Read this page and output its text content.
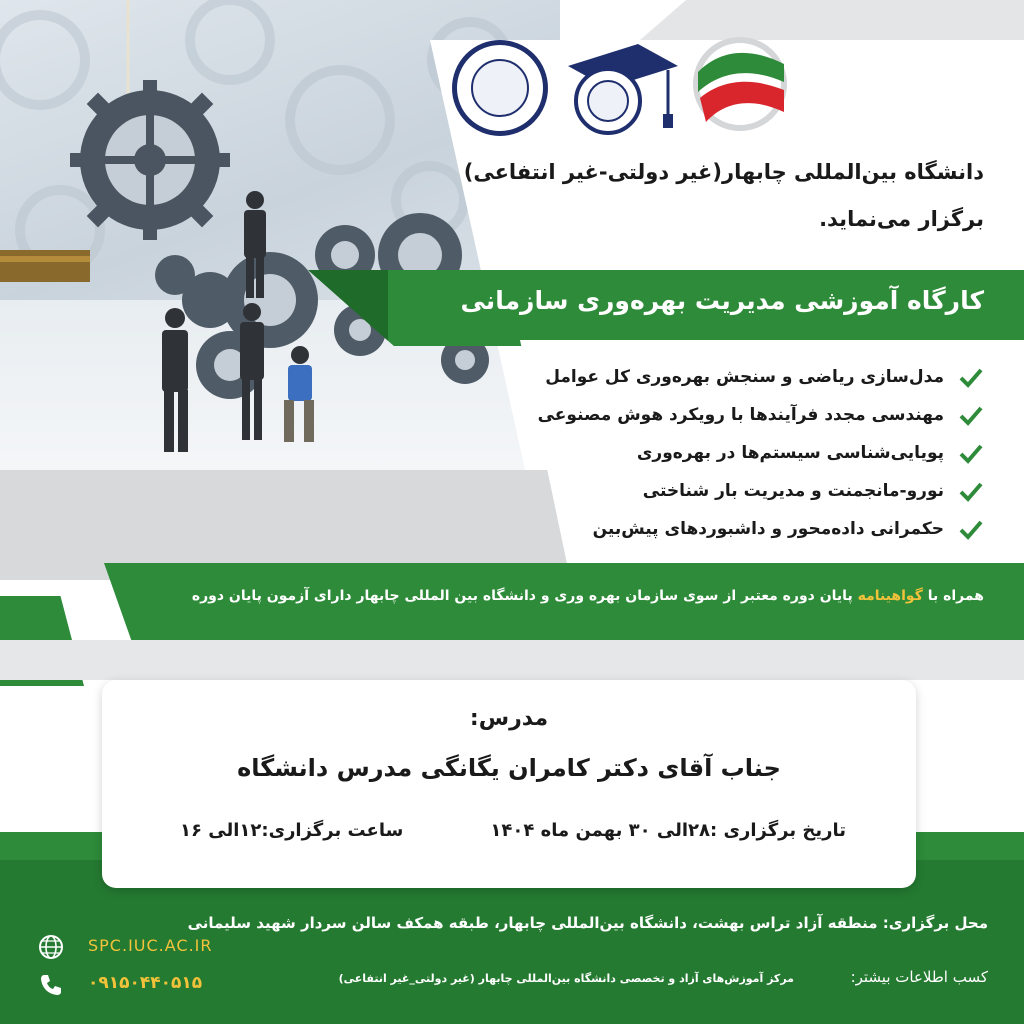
دانشگاه بین‌المللی چابهار(غیر دولتی-غیر انتفاعی)
برگزار می‌نماید.
کارگاه آموزشی مدیریت بهره‌وری سازمانی
مدل‌سازی ریاضی و سنجش بهره‌وری کل عوامل
مهندسی مجدد فرآیندها با رویکرد هوش مصنوعی
پویایی‌شناسی سیستم‌ها در بهره‌وری
نورو-مانجمنت و مدیریت بار شناختی
حکمرانی داده‌محور و داشبوردهای پیش‌بین
همراه با گواهینامه پایان دوره معتبر از سوی سازمان بهره وری و دانشگاه بین المللی چابهار دارای آزمون پایان دوره
مدرس:
جناب آقای دکتر کامران یگانگی مدرس دانشگاه
تاریخ برگزاری :۲۸الی ۳۰ بهمن ماه ۱۴۰۴
ساعت برگزاری:۱۲الی ۱۶
محل برگزاری: منطقه آزاد تراس بهشت، دانشگاه بین‌المللی چابهار، طبقه همکف سالن سردار شهید سلیمانی
کسب اطلاعات بیشتر:
مرکز آموزش‌های آزاد و تخصصی دانشگاه بین‌المللی چابهار (غیر دولتی_غیر انتفاعی)
SPC.IUC.AC.IR
۰۹۱۵۰۴۴۰۵۱۵
